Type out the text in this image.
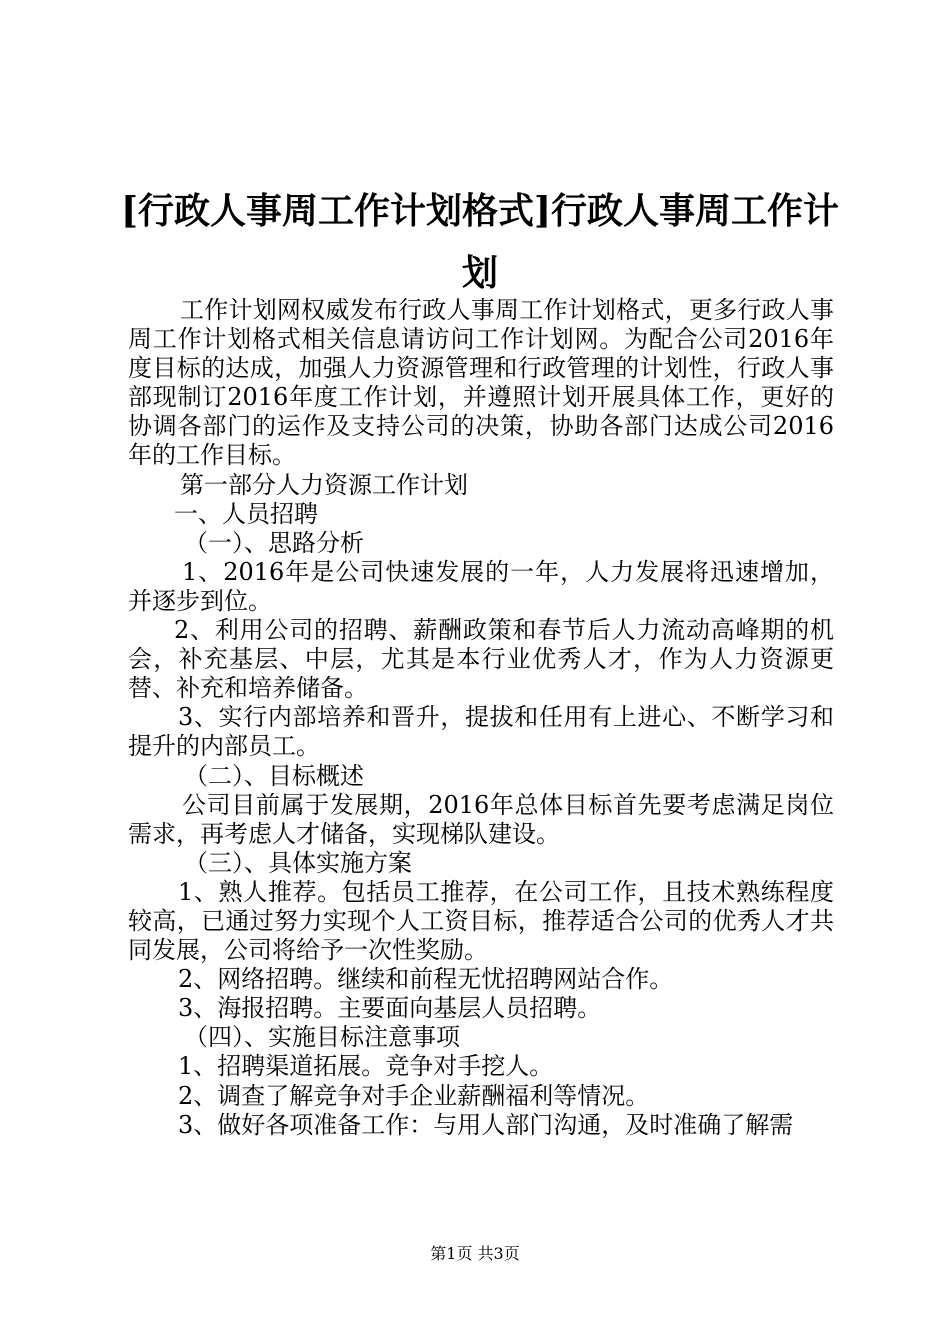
[行政人事周工作计划格式]行政人事周工作计划

工作计划网权威发布行政人事周工作计划格式，更多行政人事周工作计划格式相关信息请访问工作计划网。为配合公司2016年度目标的达成，加强人力资源管理和行政管理的计划性，行政人事部现制订2016年度工作计划，并遵照计划开展具体工作，更好的协调各部门的运作及支持公司的决策，协助各部门达成公司2016年的工作目标。

第一部分人力资源工作计划

一、人员招聘

（一）、思路分析

1、2016年是公司快速发展的一年，人力发展将迅速增加，并逐步到位。

2、利用公司的招聘、薪酬政策和春节后人力流动高峰期的机会，补充基层、中层，尤其是本行业优秀人才，作为人力资源更替、补充和培养储备。

3、实行内部培养和晋升，提拔和任用有上进心、不断学习和提升的内部员工。

（二）、目标概述

公司目前属于发展期，2016年总体目标首先要考虑满足岗位需求，再考虑人才储备，实现梯队建设。

（三）、具体实施方案

1、熟人推荐。包括员工推荐，在公司工作，且技术熟练程度较高，已通过努力实现个人工资目标，推荐适合公司的优秀人才共同发展，公司将给予一次性奖励。

2、网络招聘。继续和前程无忧招聘网站合作。

3、海报招聘。主要面向基层人员招聘。

（四）、实施目标注意事项

1、招聘渠道拓展。竞争对手挖人。

2、调查了解竞争对手企业薪酬福利等情况。

3、做好各项准备工作：与用人部门沟通，及时准确了解需

第1页 共3页
